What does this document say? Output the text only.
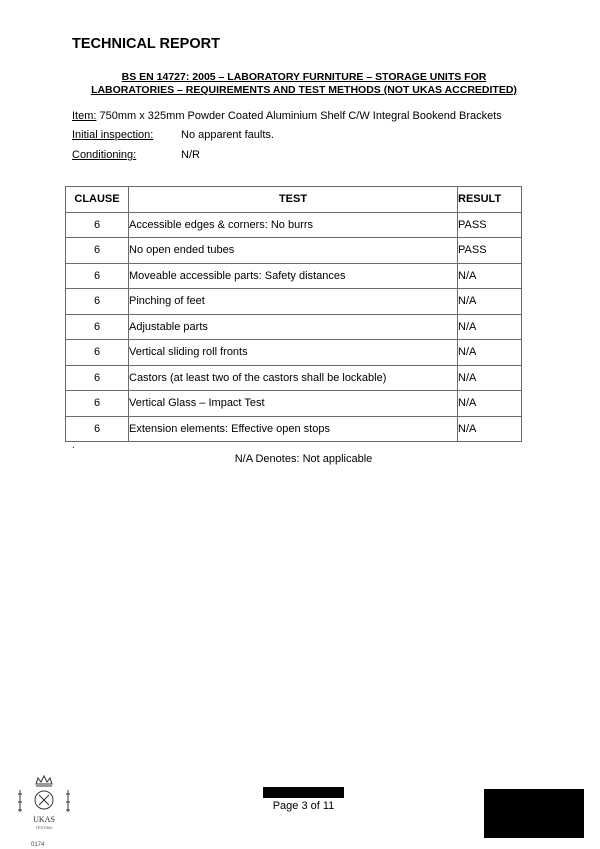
TECHNICAL REPORT
BS EN 14727: 2005 – LABORATORY FURNITURE – STORAGE UNITS FOR
LABORATORIES – REQUIREMENTS AND TEST METHODS (NOT UKAS ACCREDITED)
Item: 750mm x 325mm Powder Coated Aluminium Shelf C/W Integral Bookend Brackets
Initial inspection:	No apparent faults.
Conditioning:	N/R
CLAUSE	TEST	RESULT
6	Accessible edges & corners: No burrs	PASS
6	No open ended tubes	PASS
6	Moveable accessible parts: Safety distances	N/A
6	Pinching of feet	N/A
6	Adjustable parts	N/A
6	Vertical sliding roll fronts	N/A
6	Castors (at least two of the castors shall be lockable)	N/A
6	Vertical Glass – Impact Test	N/A
6	Extension elements: Effective open stops	N/A
.
N/A Denotes: Not applicable
Page 3 of 11
UKAS
TESTING
0174
